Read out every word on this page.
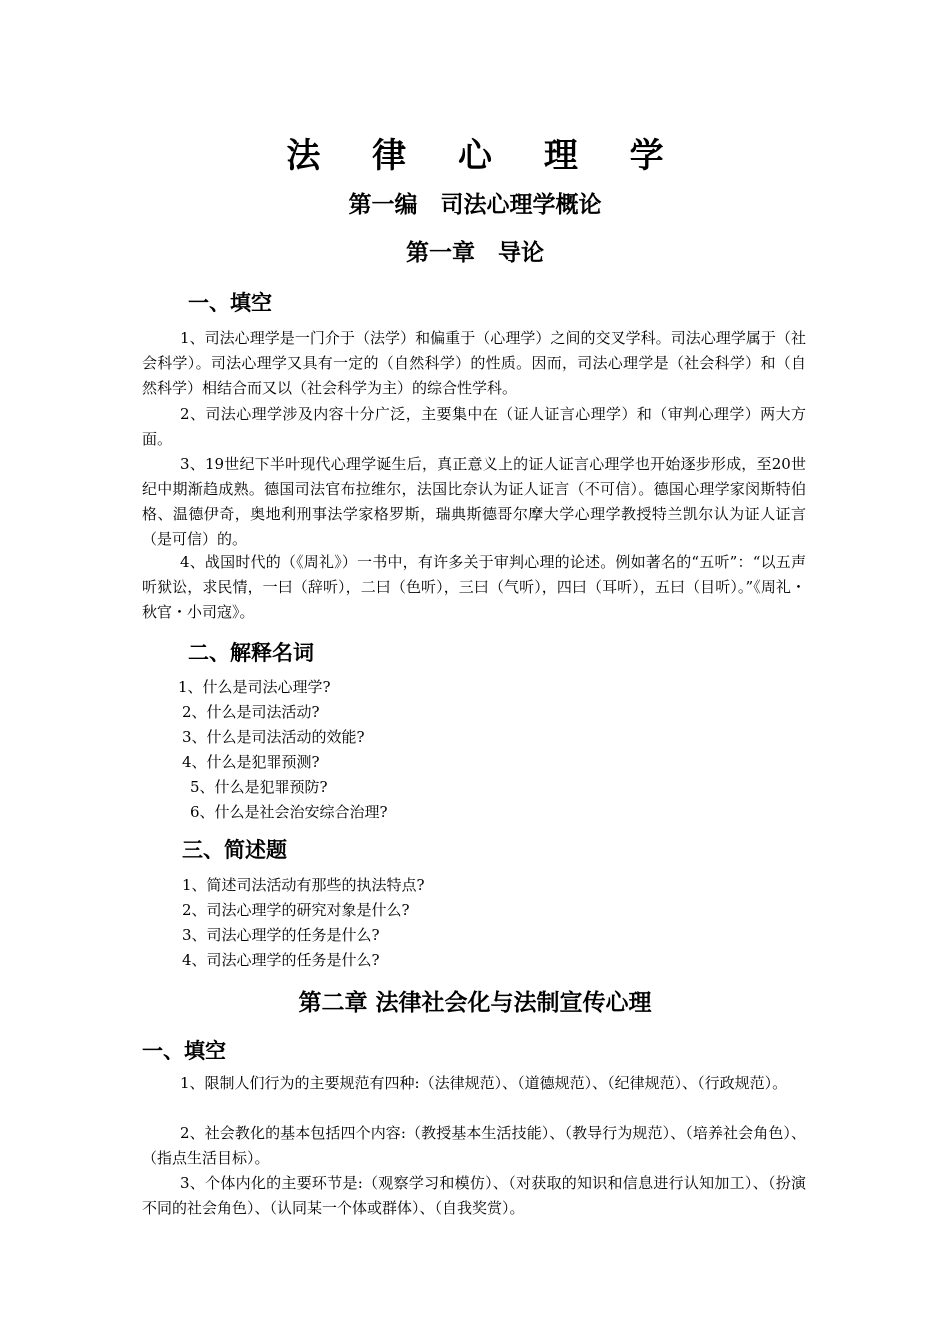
法 律 心 理 学
第一编　司法心理学概论
第一章　导论
一、填空
1、司法心理学是一门介于（法学）和偏重于（心理学）之间的交叉学科。司法心理学属于（社会科学）。司法心理学又具有一定的（自然科学）的性质。因而，司法心理学是（社会科学）和（自然科学）相结合而又以（社会科学为主）的综合性学科。
2、司法心理学涉及内容十分广泛，主要集中在（证人证言心理学）和（审判心理学）两大方面。
3、19世纪下半叶现代心理学诞生后，真正意义上的证人证言心理学也开始逐步形成，至20世纪中期渐趋成熟。德国司法官布拉维尔，法国比奈认为证人证言（不可信）。德国心理学家闵斯特伯格、温德伊奇，奥地利刑事法学家格罗斯，瑞典斯德哥尔摩大学心理学教授特兰凯尔认为证人证言（是可信）的。
4、战国时代的（《周礼》）一书中，有许多关于审判心理的论述。例如著名的“五听”：“以五声听狱讼，求民情，一曰（辞听），二曰（色听），三曰（气听），四曰（耳听），五曰（目听）。”《周礼・秋官・小司寇》。
二、解释名词
1、什么是司法心理学?
2、什么是司法活动?
3、什么是司法活动的效能?
4、什么是犯罪预测?
5、什么是犯罪预防?
6、什么是社会治安综合治理?
三、简述题
1、简述司法活动有那些的执法特点?
2、司法心理学的研究对象是什么?
3、司法心理学的任务是什么?
4、司法心理学的任务是什么?
第二章 法律社会化与法制宣传心理
一、填空
1、限制人们行为的主要规范有四种:（法律规范）、（道德规范）、（纪律规范）、（行政规范）。
2、社会教化的基本包括四个内容:（教授基本生活技能）、（教导行为规范）、（培养社会角色）、（指点生活目标）。
3、个体内化的主要环节是:（观察学习和模仿）、（对获取的知识和信息进行认知加工）、（扮演不同的社会角色）、（认同某一个体或群体）、（自我奖赏）。
